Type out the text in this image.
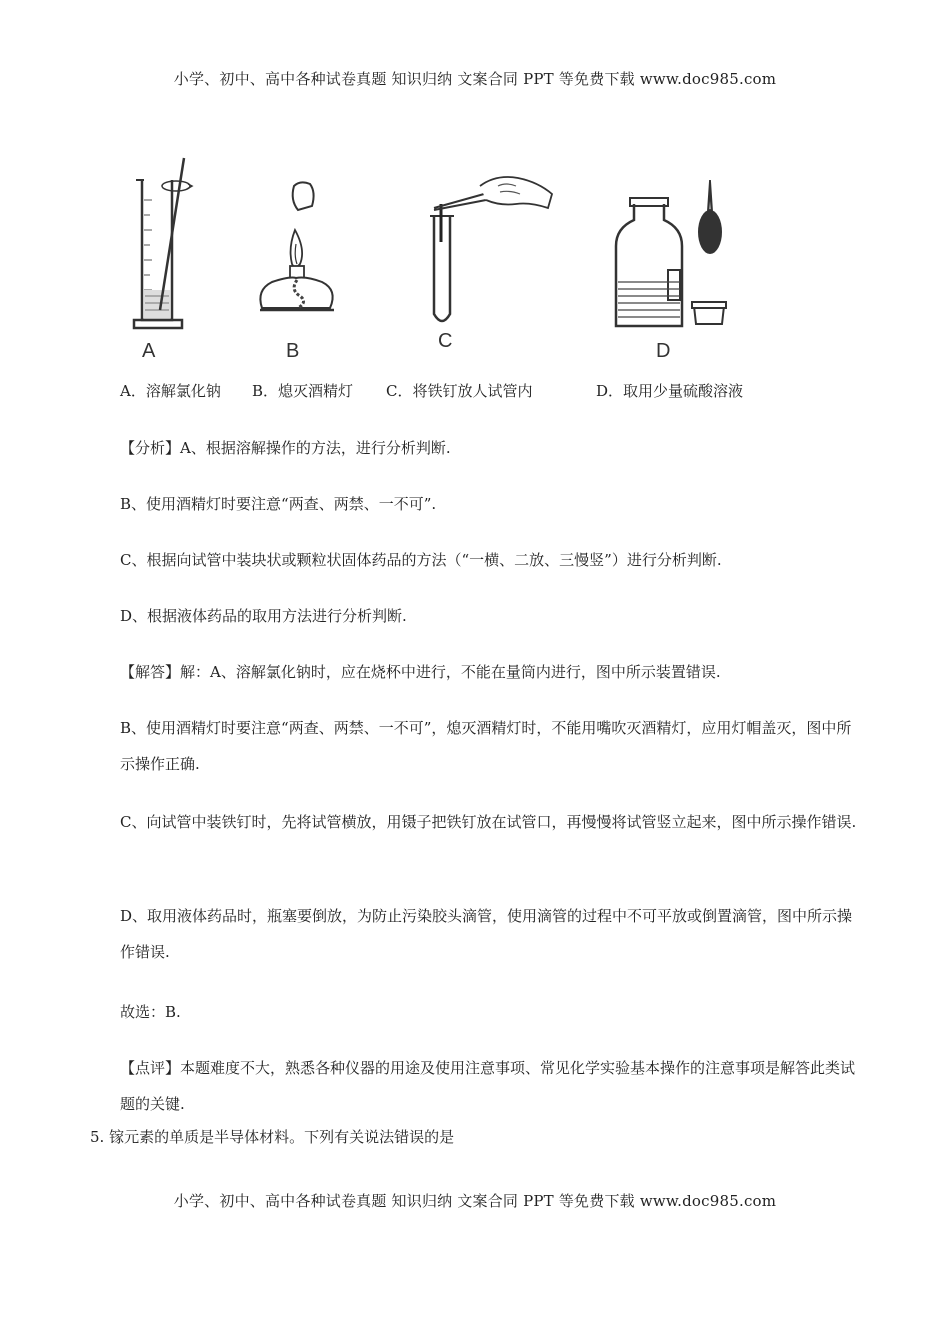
小学、初中、高中各种试卷真题 知识归纳 文案合同 PPT 等免费下载 www.doc985.com
A	B	C	D
A．溶解氯化钠 B．熄灭酒精灯 C．将铁钉放人试管内	D．取用少量硫酸溶液
【分析】A、根据溶解操作的方法，进行分析判断.
B、使用酒精灯时要注意“两查、两禁、一不可”.
C、根据向试管中装块状或颗粒状固体药品的方法（“一横、二放、三慢竖”）进行分析判断.
D、根据液体药品的取用方法进行分析判断.
【解答】解：A、溶解氯化钠时，应在烧杯中进行，不能在量筒内进行，图中所示装置错误.
B、使用酒精灯时要注意“两查、两禁、一不可”，熄灭酒精灯时，不能用嘴吹灭酒精灯，应用灯帽盖灭，图中所示操作正确.
C、向试管中装铁钉时，先将试管横放，用镊子把铁钉放在试管口，再慢慢将试管竖立起来，图中所示操作错误.
D、取用液体药品时，瓶塞要倒放，为防止污染胶头滴管，使用滴管的过程中不可平放或倒置滴管，图中所示操作错误.
故选：B.
【点评】本题难度不大，熟悉各种仪器的用途及使用注意事项、常见化学实验基本操作的注意事项是解答此类试题的关键.
5. 镓元素的单质是半导体材料。下列有关说法错误的是
小学、初中、高中各种试卷真题 知识归纳 文案合同 PPT 等免费下载 www.doc985.com
